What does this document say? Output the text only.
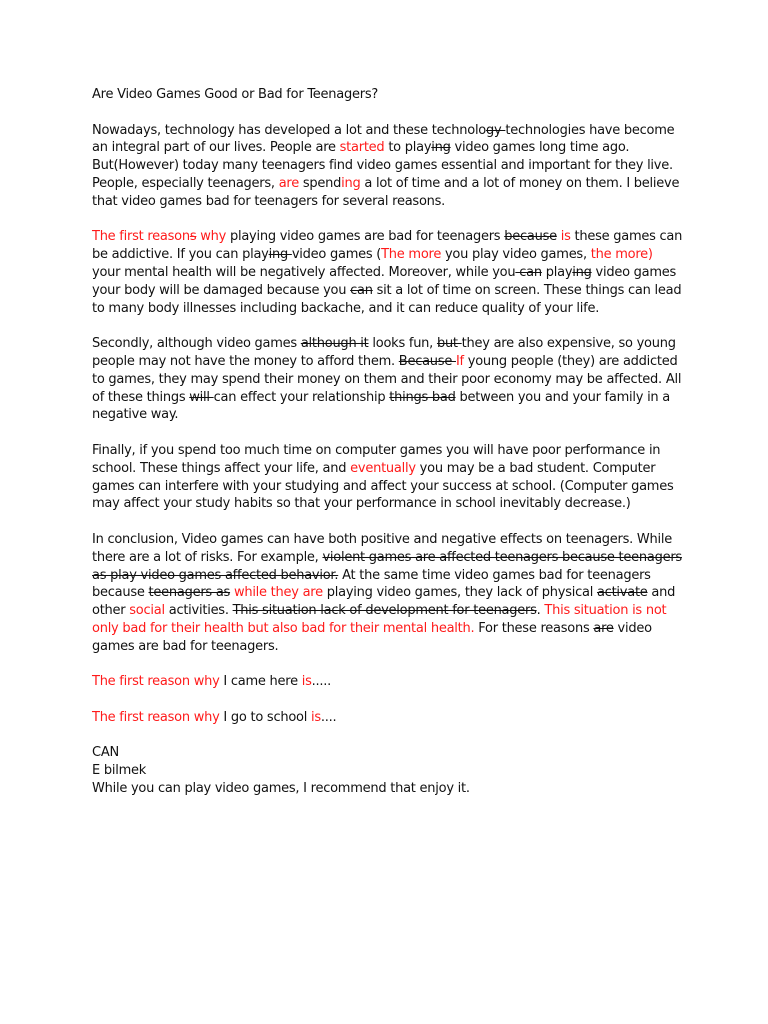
Are Video Games Good or Bad for Teenagers?

Nowadays, technology has developed a lot and these technology technologies have become an integral part of our lives. People are started to playing video games long time ago. But(However) today many teenagers find video games essential and important for they live. People, especially teenagers, are spending a lot of time and a lot of money on them. I believe that video games bad for teenagers for several reasons.

The first reasons why playing video games are bad for teenagers because is these games can be addictive. If you can playing video games (The more you play video games, the more) your mental health will be negatively affected. Moreover, while you can playing video games your body will be damaged because you can sit a lot of time on screen. These things can lead to many body illnesses including backache, and it can reduce quality of your life.

Secondly, although video games although it looks fun, but they are also expensive, so young people may not have the money to afford them. Because If young people (they) are addicted to games, they may spend their money on them and their poor economy may be affected. All of these things will can effect your relationship things bad between you and your family in a negative way.

Finally, if you spend too much time on computer games you will have poor performance in school. These things affect your life, and eventually you may be a bad student. Computer games can interfere with your studying and affect your success at school. (Computer games may affect your study habits so that your performance in school inevitably decrease.)

In conclusion, Video games can have both positive and negative effects on teenagers. While there are a lot of risks. For example, violent games are affected teenagers because teenagers as play video games affected behavior. At the same time video games bad for teenagers because teenagers as while they are playing video games, they lack of physical activate and other social activities. This situation lack of development for teenagers. This situation is not only bad for their health but also bad for their mental health. For these reasons are video games are bad for teenagers.

The first reason why I came here is.....

The first reason why I go to school is....

CAN
E bilmek
While you can play video games, I recommend that enjoy it.
